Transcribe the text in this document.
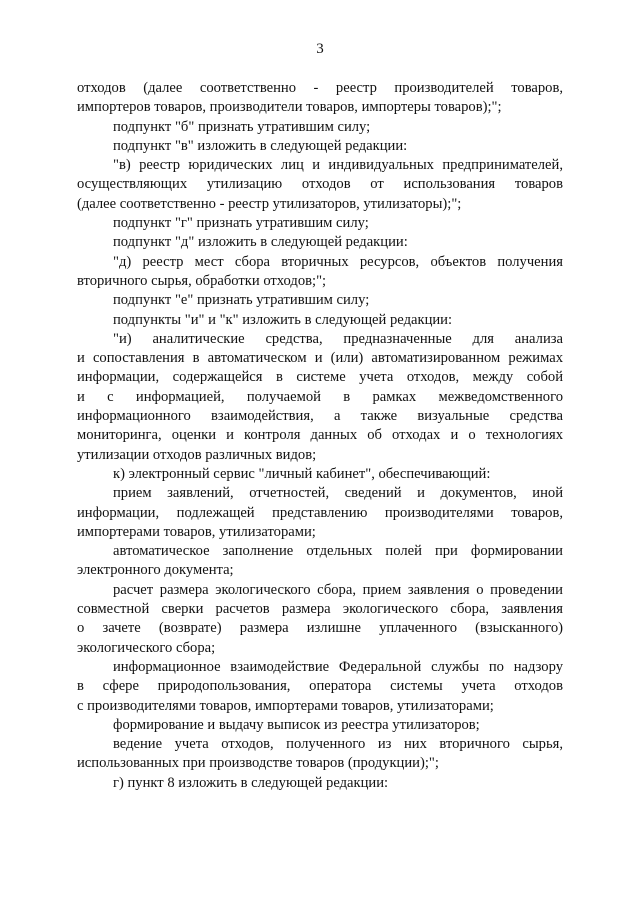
3
отходов (далее соответственно - реестр производителей товаров,
импортеров товаров, производители товаров, импортеры товаров);";
подпункт "б" признать утратившим силу;
подпункт "в" изложить в следующей редакции:
"в) реестр юридических лиц и индивидуальных предпринимателей,
осуществляющих утилизацию отходов от использования товаров
(далее соответственно - реестр утилизаторов, утилизаторы);";
подпункт "г" признать утратившим силу;
подпункт "д" изложить в следующей редакции:
"д) реестр мест сбора вторичных ресурсов, объектов получения
вторичного сырья, обработки отходов;";
подпункт "е" признать утратившим силу;
подпункты "и" и "к" изложить в следующей редакции:
"и) аналитические средства, предназначенные для анализа
и сопоставления в автоматическом и (или) автоматизированном режимах
информации, содержащейся в системе учета отходов, между собой
и с информацией, получаемой в рамках межведомственного
информационного взаимодействия, а также визуальные средства
мониторинга, оценки и контроля данных об отходах и о технологиях
утилизации отходов различных видов;
к) электронный сервис "личный кабинет", обеспечивающий:
прием заявлений, отчетностей, сведений и документов, иной
информации, подлежащей представлению производителями товаров,
импортерами товаров, утилизаторами;
автоматическое заполнение отдельных полей при формировании
электронного документа;
расчет размера экологического сбора, прием заявления о проведении
совместной сверки расчетов размера экологического сбора, заявления
о зачете (возврате) размера излишне уплаченного (взысканного)
экологического сбора;
информационное взаимодействие Федеральной службы по надзору
в сфере природопользования, оператора системы учета отходов
с производителями товаров, импортерами товаров, утилизаторами;
формирование и выдачу выписок из реестра утилизаторов;
ведение учета отходов, полученного из них вторичного сырья,
использованных при производстве товаров (продукции);";
г) пункт 8 изложить в следующей редакции:
